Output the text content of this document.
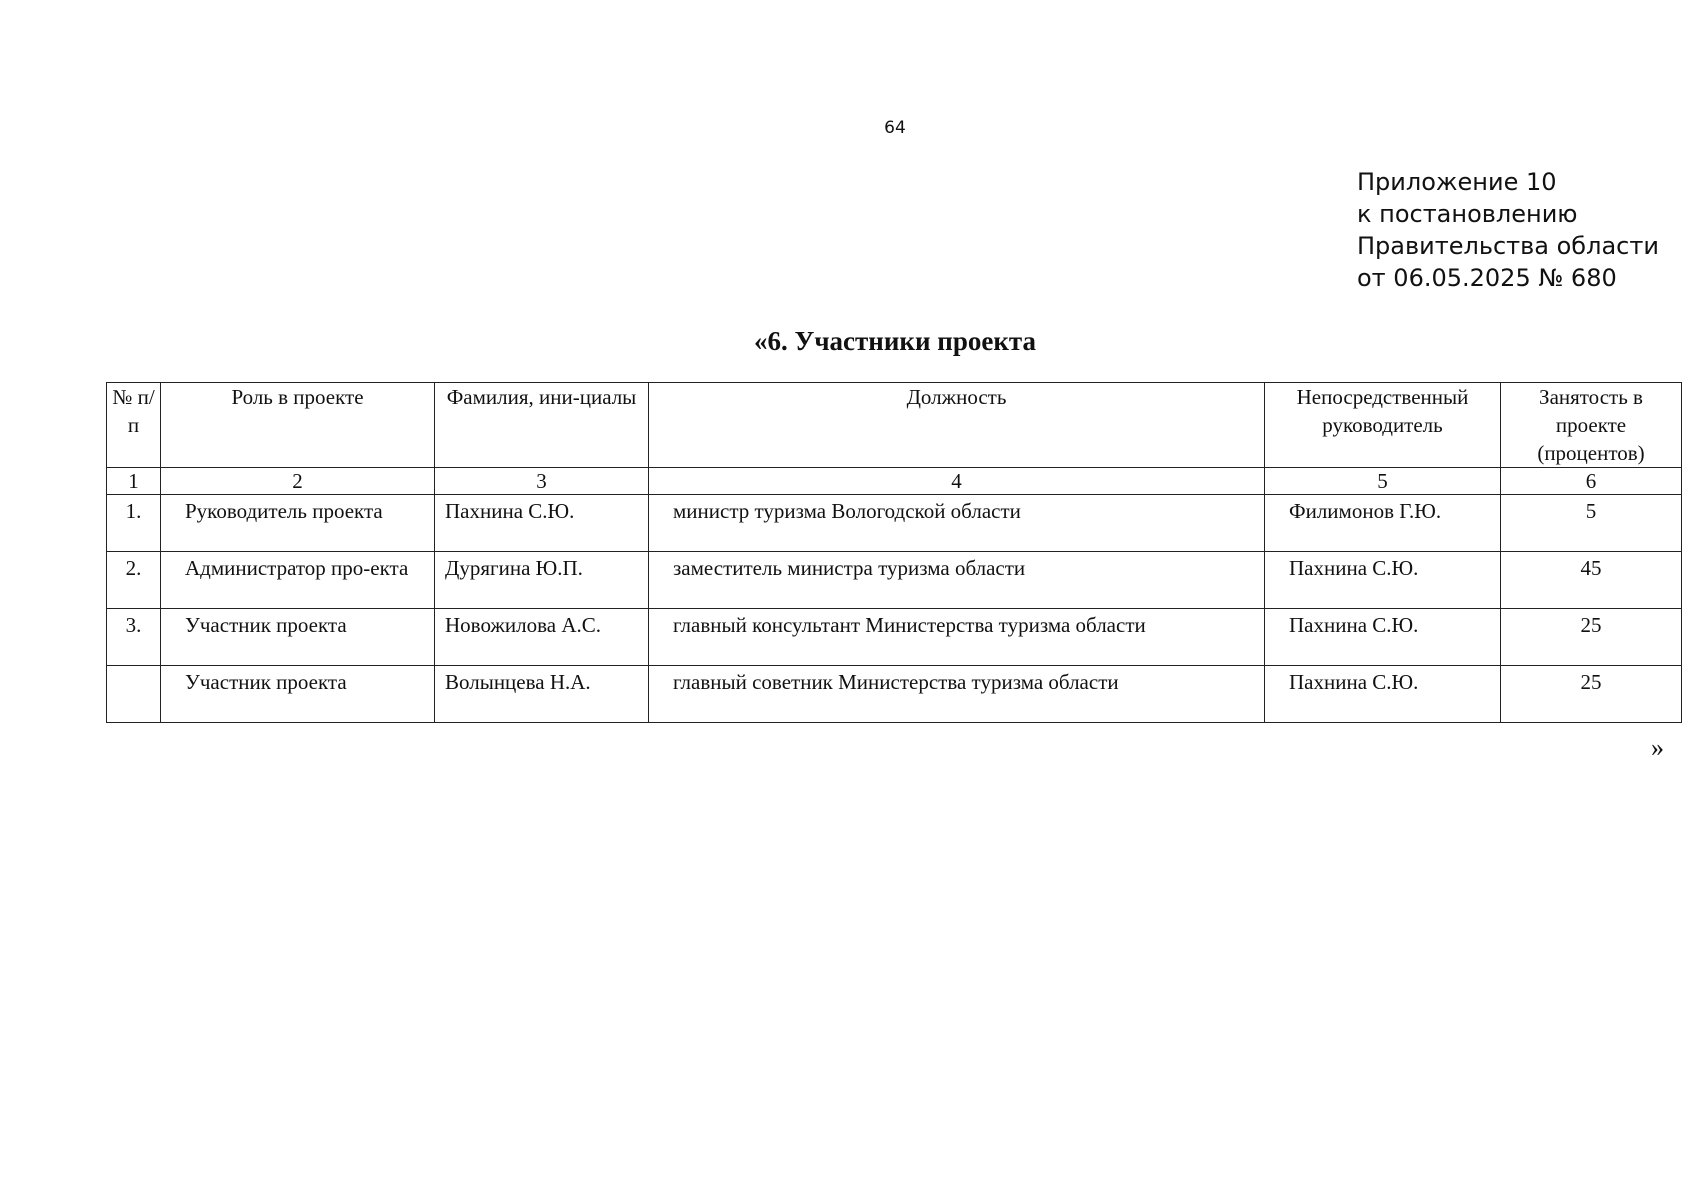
64
Приложение 10
к постановлению
Правительства области
от 06.05.2025 № 680
«6. Участники проекта
№ п/п	Роль в проекте	Фамилия, ини-циалы	Должность	Непосредственный руководитель	Занятость в проекте (процентов)
1	2	3	4	5	6
1.	Руководитель проекта	Пахнина С.Ю.	министр туризма Вологодской области	Филимонов Г.Ю.	5
2.	Администратор про-екта	Дурягина Ю.П.	заместитель министра туризма области	Пахнина С.Ю.	45
3.	Участник проекта	Новожилова А.С.	главный консультант Министерства туризма области	Пахнина С.Ю.	25
	Участник проекта	Волынцева Н.А.	главный советник Министерства туризма области	Пахнина С.Ю.	25
»
